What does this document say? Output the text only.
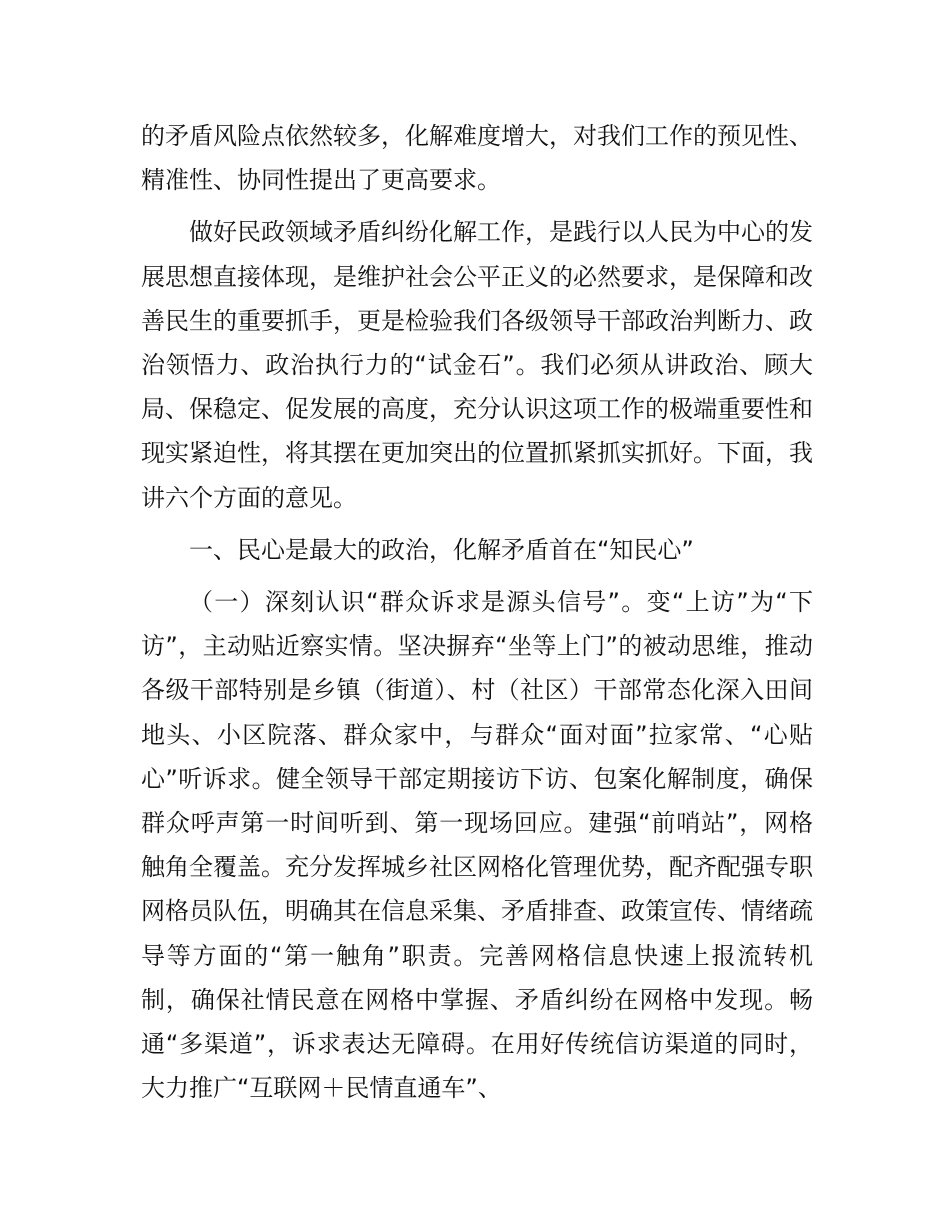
的矛盾风险点依然较多，化解难度增大，对我们工作的预见性、精准性、协同性提出了更高要求。

做好民政领域矛盾纠纷化解工作，是践行以人民为中心的发展思想直接体现，是维护社会公平正义的必然要求，是保障和改善民生的重要抓手，更是检验我们各级领导干部政治判断力、政治领悟力、政治执行力的“试金石”。我们必须从讲政治、顾大局、保稳定、促发展的高度，充分认识这项工作的极端重要性和现实紧迫性，将其摆在更加突出的位置抓紧抓实抓好。下面，我讲六个方面的意见。

一、民心是最大的政治，化解矛盾首在“知民心”

（一）深刻认识“群众诉求是源头信号”。变“上访”为“下访”，主动贴近察实情。坚决摒弃“坐等上门”的被动思维，推动各级干部特别是乡镇（街道）、村（社区）干部常态化深入田间地头、小区院落、群众家中，与群众“面对面”拉家常、“心贴心”听诉求。健全领导干部定期接访下访、包案化解制度，确保群众呼声第一时间听到、第一现场回应。建强“前哨站”，网格触角全覆盖。充分发挥城乡社区网格化管理优势，配齐配强专职网格员队伍，明确其在信息采集、矛盾排查、政策宣传、情绪疏导等方面的“第一触角”职责。完善网格信息快速上报流转机制，确保社情民意在网格中掌握、矛盾纠纷在网格中发现。畅通“多渠道”，诉求表达无障碍。在用好传统信访渠道的同时，大力推广“互联网＋民情直通车”、
